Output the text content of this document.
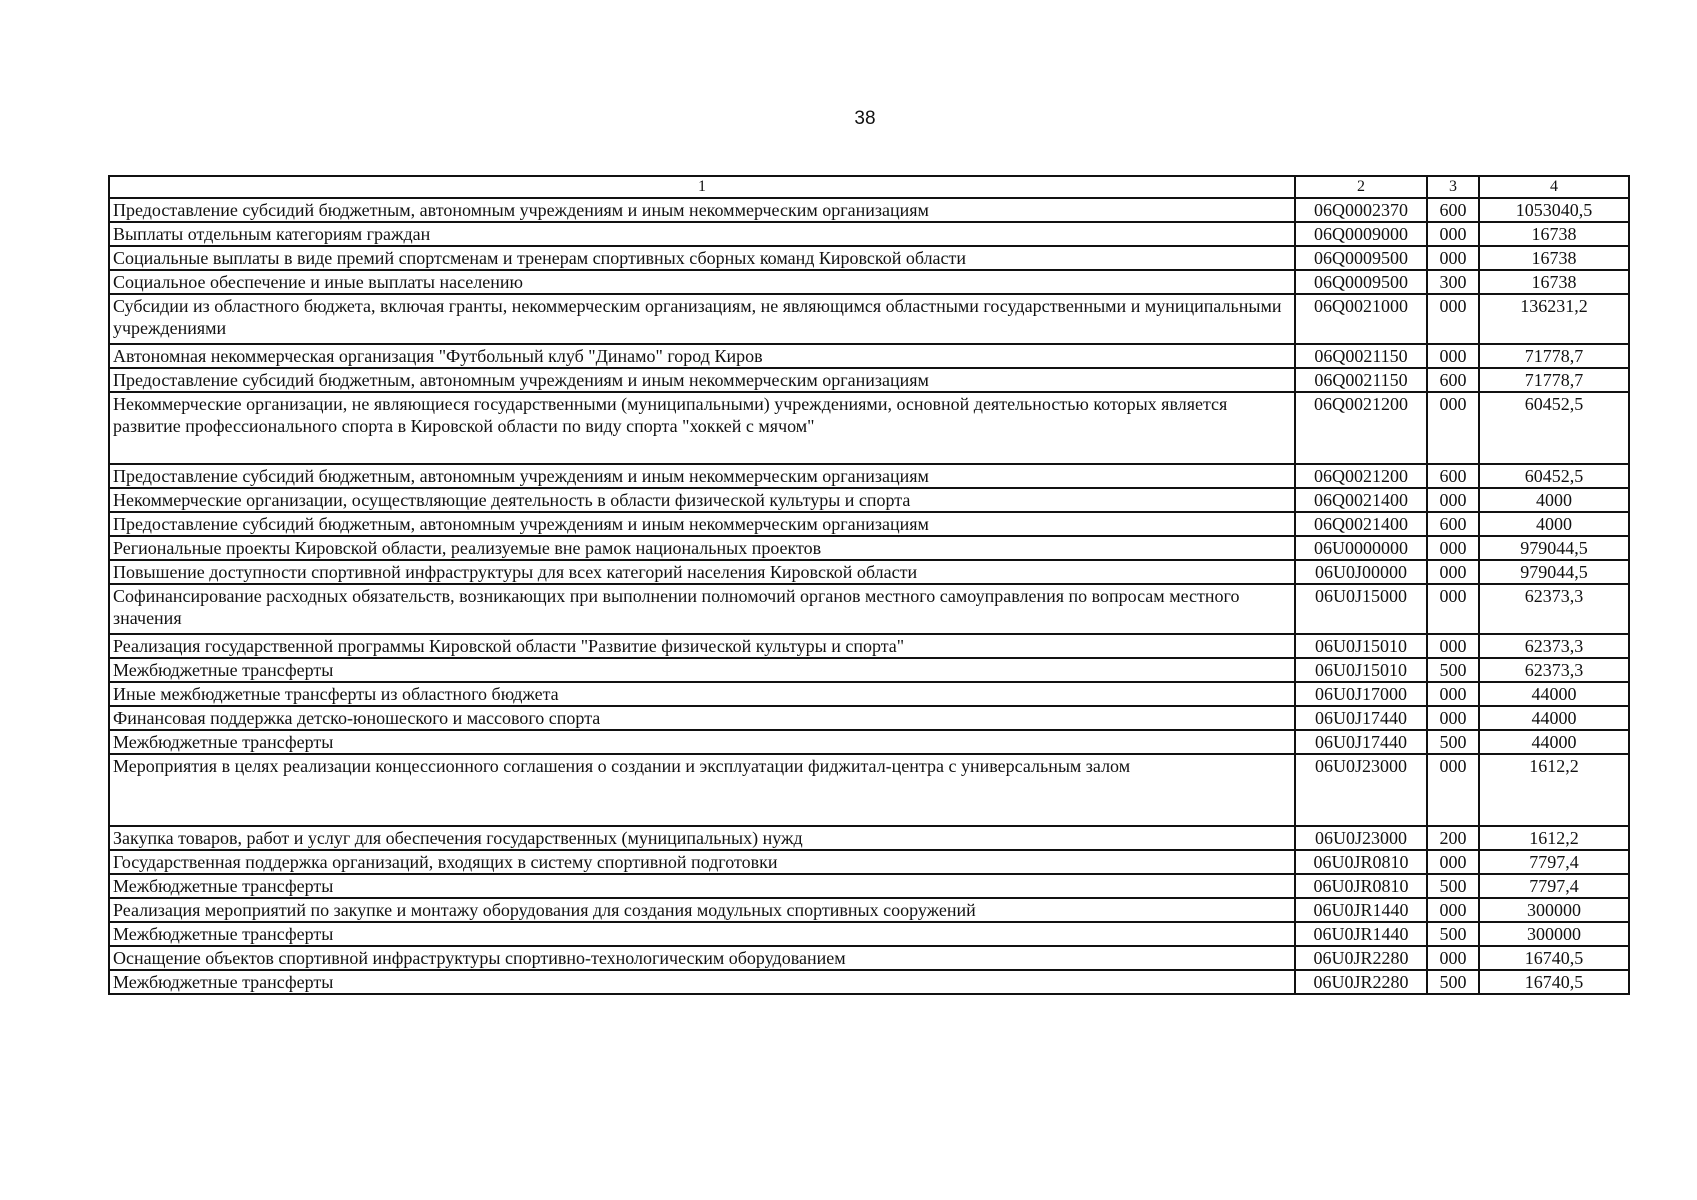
38
1	2	3	4
Предоставление субсидий бюджетным, автономным учреждениям и иным некоммерческим организациям	06Q0002370	600	1053040,5
Выплаты отдельным категориям граждан	06Q0009000	000	16738
Социальные выплаты в виде премий спортсменам и тренерам спортивных сборных команд Кировской области	06Q0009500	000	16738
Социальное обеспечение и иные выплаты населению	06Q0009500	300	16738
Субсидии из областного бюджета, включая гранты, некоммерческим организациям, не являющимся областными государственными и муниципальными учреждениями	06Q0021000	000	136231,2
Автономная некоммерческая организация "Футбольный клуб "Динамо" город Киров	06Q0021150	000	71778,7
Предоставление субсидий бюджетным, автономным учреждениям и иным некоммерческим организациям	06Q0021150	600	71778,7
Некоммерческие организации, не являющиеся государственными (муниципальными) учреждениями, основной деятельностью которых является развитие профессионального спорта в Кировской области по виду спорта "хоккей с мячом"	06Q0021200	000	60452,5
Предоставление субсидий бюджетным, автономным учреждениям и иным некоммерческим организациям	06Q0021200	600	60452,5
Некоммерческие организации, осуществляющие деятельность в области физической культуры и спорта	06Q0021400	000	4000
Предоставление субсидий бюджетным, автономным учреждениям и иным некоммерческим организациям	06Q0021400	600	4000
Региональные проекты Кировской области, реализуемые вне рамок национальных проектов	06U0000000	000	979044,5
Повышение доступности спортивной инфраструктуры для всех категорий населения Кировской области	06U0J00000	000	979044,5
Софинансирование расходных обязательств, возникающих при выполнении полномочий органов местного самоуправления по вопросам местного значения	06U0J15000	000	62373,3
Реализация государственной программы Кировской области "Развитие физической культуры и спорта"	06U0J15010	000	62373,3
Межбюджетные трансферты	06U0J15010	500	62373,3
Иные межбюджетные трансферты из областного бюджета	06U0J17000	000	44000
Финансовая поддержка детско-юношеского и массового спорта	06U0J17440	000	44000
Межбюджетные трансферты	06U0J17440	500	44000
Мероприятия в целях реализации концессионного соглашения о создании и эксплуатации фиджитал-центра с универсальным залом	06U0J23000	000	1612,2
Закупка товаров, работ и услуг для обеспечения государственных (муниципальных) нужд	06U0J23000	200	1612,2
Государственная поддержка организаций, входящих в систему спортивной подготовки	06U0JR0810	000	7797,4
Межбюджетные трансферты	06U0JR0810	500	7797,4
Реализация мероприятий по закупке и монтажу оборудования для создания модульных спортивных сооружений	06U0JR1440	000	300000
Межбюджетные трансферты	06U0JR1440	500	300000
Оснащение объектов спортивной инфраструктуры спортивно-технологическим оборудованием	06U0JR2280	000	16740,5
Межбюджетные трансферты	06U0JR2280	500	16740,5
